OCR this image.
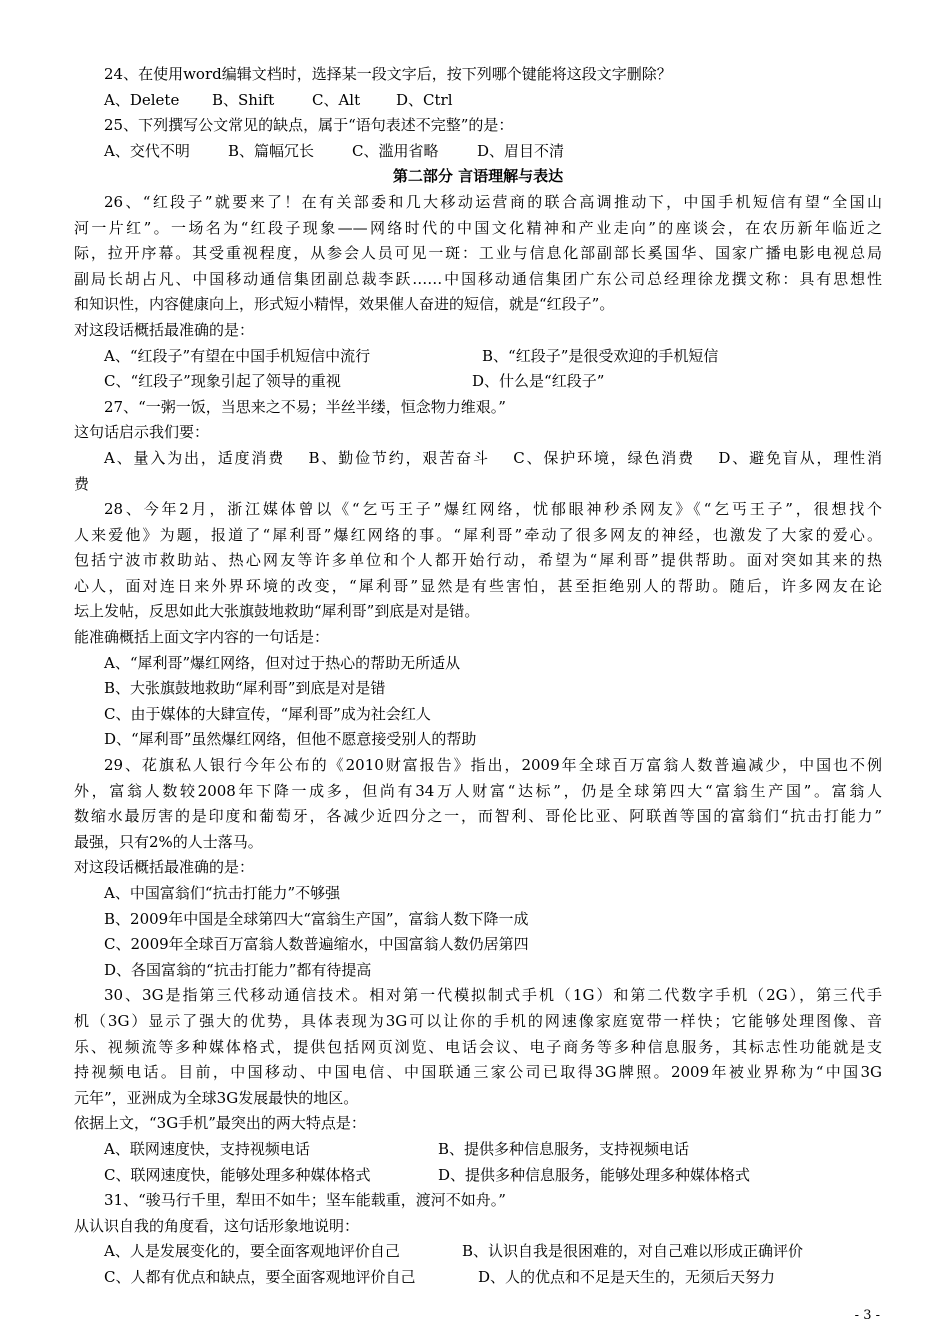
24、在使用word编辑文档时，选择某一段文字后，按下列哪个键能将这段文字删除？
A、Delete	B、Shift	C、Alt	D、Ctrl
25、下列撰写公文常见的缺点，属于“语句表述不完整”的是：
A、交代不明	B、篇幅冗长	C、滥用省略	D、眉目不清
第二部分 言语理解与表达
26、“红段子”就要来了！在有关部委和几大移动运营商的联合高调推动下，中国手机短信有望“全国山
河一片红”。一场名为“红段子现象——网络时代的中国文化精神和产业走向”的座谈会，在农历新年临近之
际，拉开序幕。其受重视程度，从参会人员可见一斑：工业与信息化部副部长奚国华、国家广播电影电视总局
副局长胡占凡、中国移动通信集团副总裁李跃……中国移动通信集团广东公司总经理徐龙撰文称：具有思想性
和知识性，内容健康向上，形式短小精悍，效果催人奋进的短信，就是“红段子”。
对这段话概括最准确的是：
A、“红段子”有望在中国手机短信中流行	B、“红段子”是很受欢迎的手机短信
C、“红段子”现象引起了领导的重视	D、什么是“红段子”
27、“一粥一饭，当思来之不易；半丝半缕，恒念物力维艰。”
这句话启示我们要：
A、量入为出，适度消费　 B、勤俭节约，艰苦奋斗　 C、保护环境，绿色消费　 D、避免盲从，理性消
费
28、今年2月，浙江媒体曾以《“乞丐王子”爆红网络，忧郁眼神秒杀网友》《“乞丐王子”，很想找个
人来爱他》为题，报道了“犀利哥”爆红网络的事。“犀利哥”牵动了很多网友的神经，也激发了大家的爱心。
包括宁波市救助站、热心网友等许多单位和个人都开始行动，希望为“犀利哥”提供帮助。面对突如其来的热
心人，面对连日来外界环境的改变，“犀利哥”显然是有些害怕，甚至拒绝别人的帮助。随后，许多网友在论
坛上发帖，反思如此大张旗鼓地救助“犀利哥”到底是对是错。
能准确概括上面文字内容的一句话是：
A、“犀利哥”爆红网络，但对过于热心的帮助无所适从
B、大张旗鼓地救助“犀利哥”到底是对是错
C、由于媒体的大肆宣传，“犀利哥”成为社会红人
D、“犀利哥”虽然爆红网络，但他不愿意接受别人的帮助
29、花旗私人银行今年公布的《2010财富报告》指出，2009年全球百万富翁人数普遍减少，中国也不例
外，富翁人数较2008年下降一成多，但尚有34万人财富“达标”，仍是全球第四大“富翁生产国”。富翁人
数缩水最厉害的是印度和葡萄牙，各减少近四分之一，而智利、哥伦比亚、阿联酋等国的富翁们“抗击打能力”
最强，只有2%的人士落马。
对这段话概括最准确的是：
A、中国富翁们“抗击打能力”不够强
B、2009年中国是全球第四大“富翁生产国”，富翁人数下降一成
C、2009年全球百万富翁人数普遍缩水，中国富翁人数仍居第四
D、各国富翁的“抗击打能力”都有待提高
30、3G是指第三代移动通信技术。相对第一代模拟制式手机（1G）和第二代数字手机（2G），第三代手
机（3G）显示了强大的优势，具体表现为3G可以让你的手机的网速像家庭宽带一样快；它能够处理图像、音
乐、视频流等多种媒体格式，提供包括网页浏览、电话会议、电子商务等多种信息服务，其标志性功能就是支
持视频电话。目前，中国移动、中国电信、中国联通三家公司已取得3G牌照。2009年被业界称为“中国3G
元年”，亚洲成为全球3G发展最快的地区。
依据上文，“3G手机”最突出的两大特点是：
A、联网速度快，支持视频电话	B、提供多种信息服务，支持视频电话
C、联网速度快，能够处理多种媒体格式	D、提供多种信息服务，能够处理多种媒体格式
31、“骏马行千里，犁田不如牛；坚车能载重，渡河不如舟。”
从认识自我的角度看，这句话形象地说明：
A、人是发展变化的，要全面客观地评价自己	B、认识自我是很困难的，对自己难以形成正确评价
C、人都有优点和缺点，要全面客观地评价自己	D、人的优点和不足是天生的，无须后天努力
- 3 -
